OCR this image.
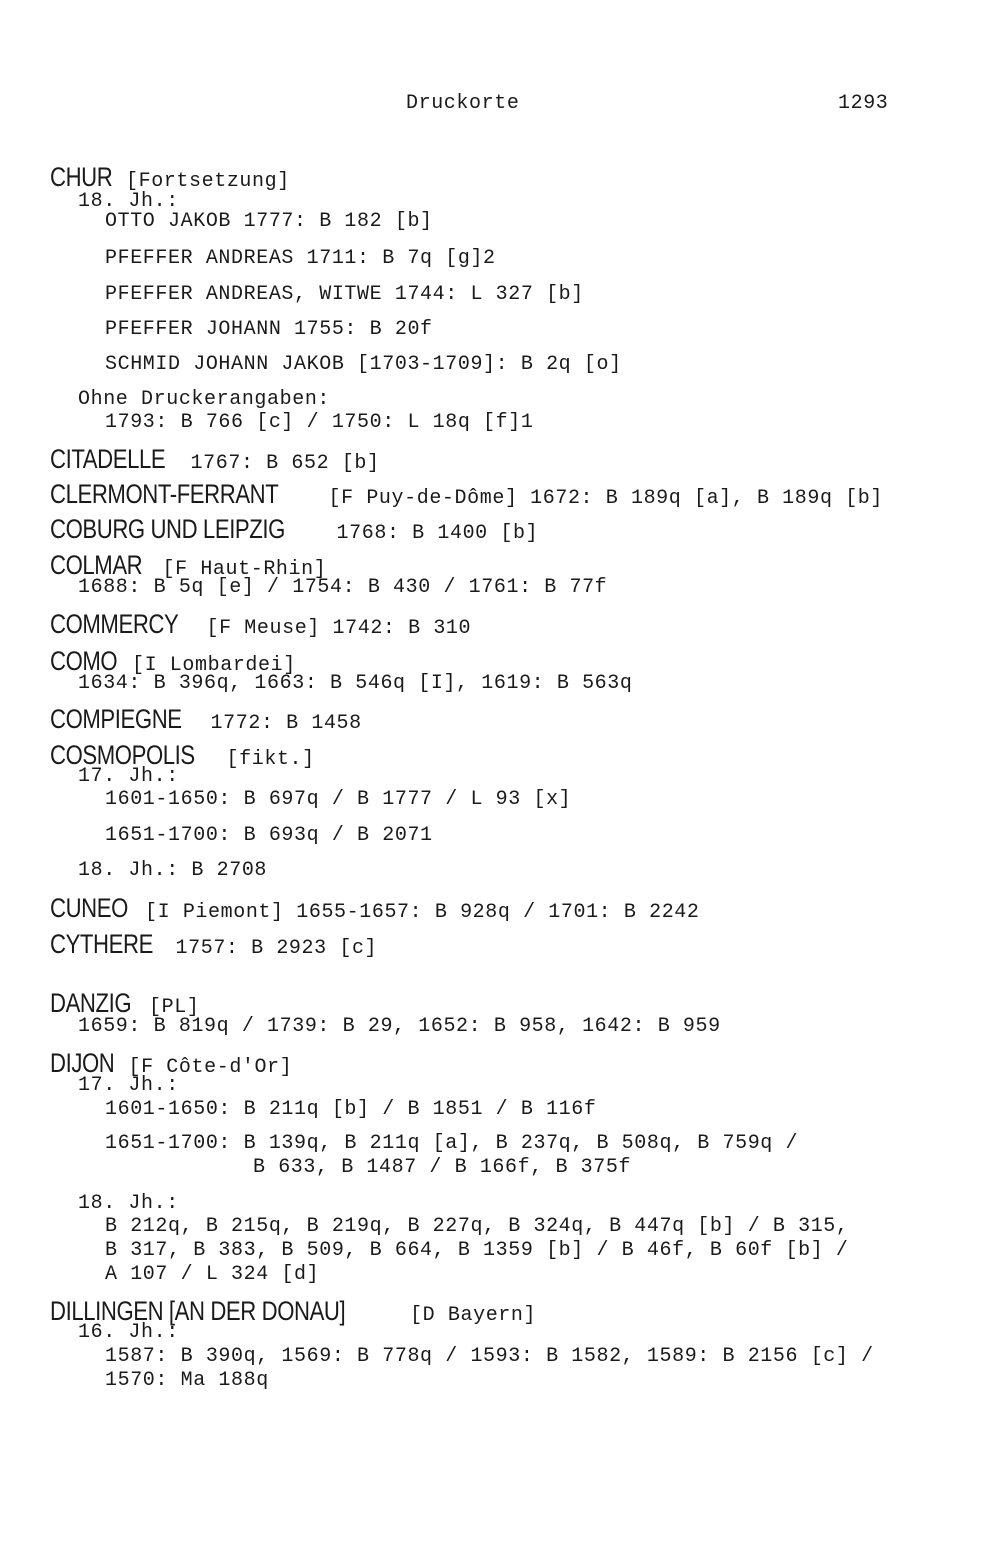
Druckorte	1293
CHUR [Fortsetzung]
18. Jh.:
OTTO JAKOB 1777: B 182 [b]
PFEFFER ANDREAS 1711: B 7q [g]2
PFEFFER ANDREAS, WITWE 1744: L 327 [b]
PFEFFER JOHANN 1755: B 20f
SCHMID JOHANN JAKOB [1703-1709]: B 2q [o]
Ohne Druckerangaben:
1793: B 766 [c] / 1750: L 18q [f]1
CITADELLE 1767: B 652 [b]
CLERMONT-FERRANT	[F Puy-de-Dôme] 1672: B 189q [a], B 189q [b]
COBURG UND LEIPZIG	1768: B 1400 [b]
COLMAR [F Haut-Rhin]
1688: B 5q [e] / 1754: B 430 / 1761: B 77f
COMMERCY [F Meuse] 1742: B 310
COMO [I Lombardei]
1634: B 396q, 1663: B 546q [I], 1619: B 563q
COMPIEGNE 1772: B 1458
COSMOPOLIS [fikt.]
17. Jh.:
1601-1650: B 697q / B 1777 / L 93 [x]
1651-1700: B 693q / B 2071
18. Jh.: B 2708
CUNEO [I Piemont] 1655-1657: B 928q / 1701: B 2242
CYTHERE 1757: B 2923 [c]
DANZIG [PL]
1659: B 819q / 1739: B 29, 1652: B 958, 1642: B 959
DIJON [F Côte-d'Or]
17. Jh.:
1601-1650: B 211q [b] / B 1851 / B 116f
1651-1700: B 139q, B 211q [a], B 237q, B 508q, B 759q /
B 633, B 1487 / B 166f, B 375f
18. Jh.:
B 212q, B 215q, B 219q, B 227q, B 324q, B 447q [b] / B 315,
B 317, B 383, B 509, B 664, B 1359 [b] / B 46f, B 60f [b] /
A 107 / L 324 [d]
DILLINGEN [AN DER DONAU]	[D Bayern]
16. Jh.:
1587: B 390q, 1569: B 778q / 1593: B 1582, 1589: B 2156 [c] /
1570: Ma 188q
